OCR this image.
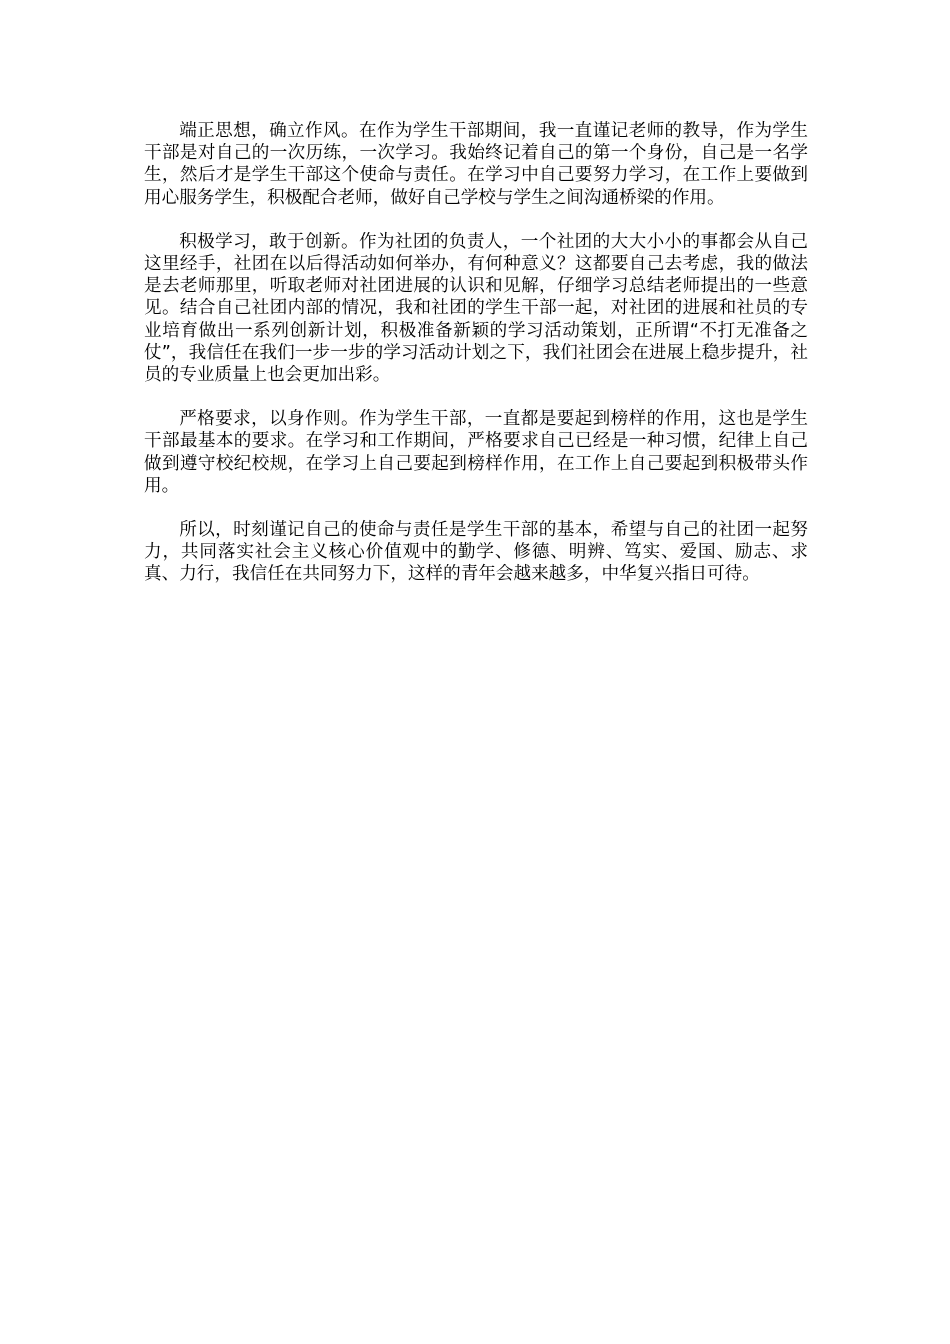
端正思想，确立作风。在作为学生干部期间，我一直谨记老师的教导，作为学生干部是对自己的一次历练，一次学习。我始终记着自己的第一个身份，自己是一名学生，然后才是学生干部这个使命与责任。在学习中自己要努力学习，在工作上要做到用心服务学生，积极配合老师，做好自己学校与学生之间沟通桥梁的作用。

积极学习，敢于创新。作为社团的负责人，一个社团的大大小小的事都会从自己这里经手，社团在以后得活动如何举办，有何种意义？这都要自己去考虑，我的做法是去老师那里，听取老师对社团进展的认识和见解，仔细学习总结老师提出的一些意见。结合自己社团内部的情况，我和社团的学生干部一起，对社团的进展和社员的专业培育做出一系列创新计划，积极准备新颖的学习活动策划，正所谓“不打无准备之仗”，我信任在我们一步一步的学习活动计划之下，我们社团会在进展上稳步提升，社员的专业质量上也会更加出彩。

严格要求，以身作则。作为学生干部，一直都是要起到榜样的作用，这也是学生干部最基本的要求。在学习和工作期间，严格要求自己已经是一种习惯，纪律上自己做到遵守校纪校规，在学习上自己要起到榜样作用，在工作上自己要起到积极带头作用。

所以，时刻谨记自己的使命与责任是学生干部的基本，希望与自己的社团一起努力，共同落实社会主义核心价值观中的勤学、修德、明辨、笃实、爱国、励志、求真、力行，我信任在共同努力下，这样的青年会越来越多，中华复兴指日可待。
